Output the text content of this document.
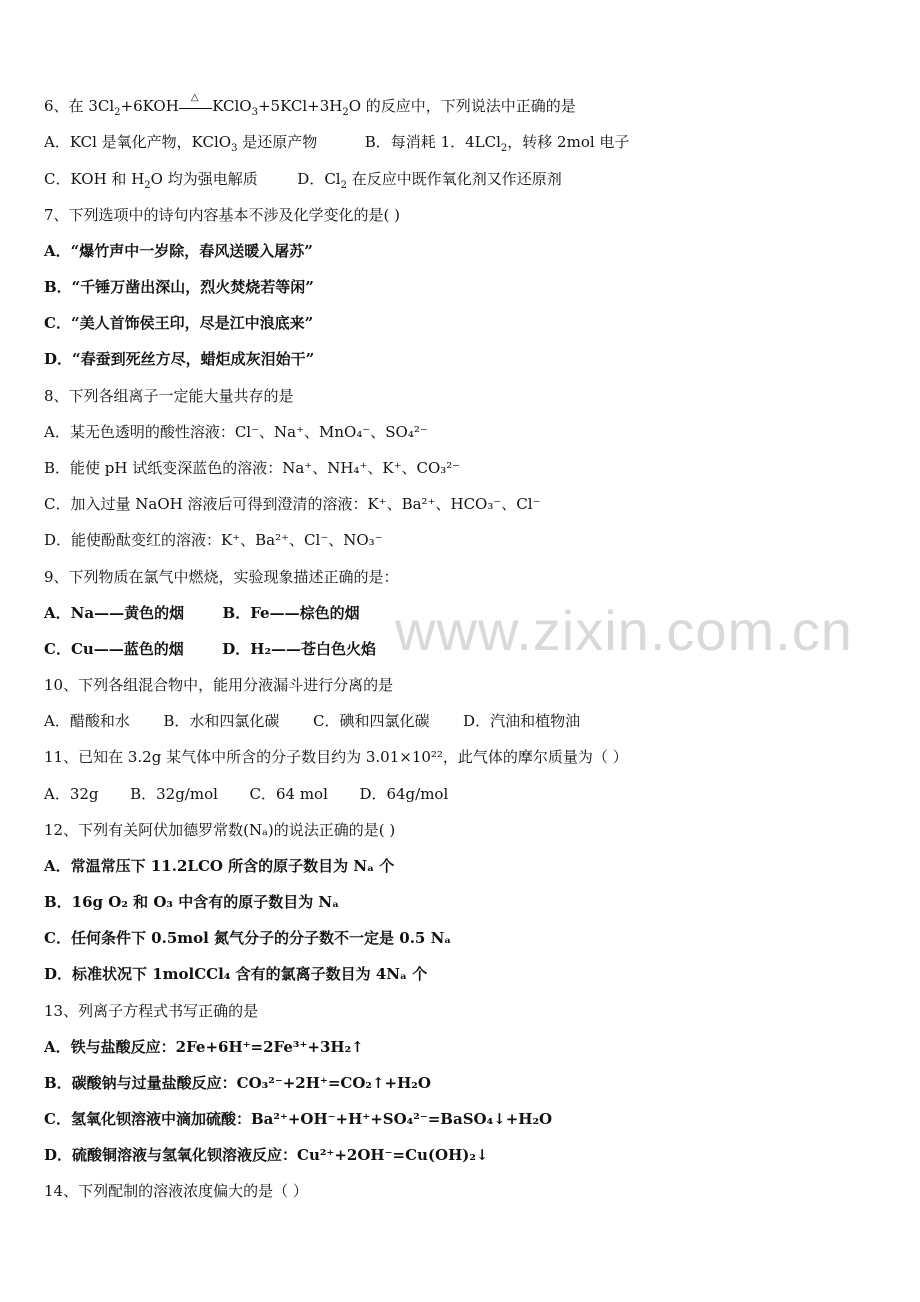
www.zixin.com.cn
6、在 $3Cl_2+6KOH$ △ $KClO_3+5KCl+3H_2O$ 的反应中，下列说法中正确的是
A．KCl 是氧化产物，KClO$_3$ 是还原产物	B．每消耗 1．4LCl$_2$，转移 2mol 电子
C．KOH 和 $H_2O$ 均为强电解质	D．$Cl_2$ 在反应中既作氧化剂又作还原剂
7、下列选项中的诗句内容基本不涉及化学变化的是( )
A．“爆竹声中一岁除，春风送暖入屠苏”
B．“千锤万凿出深山，烈火焚烧若等闲”
C．“美人首饰侯王印，尽是江中浪底来”
D．“春蚕到死丝方尽，蜡炬成灰泪始干”
8、下列各组离子一定能大量共存的是
A．某无色透明的酸性溶液：Cl⁻、Na⁺、MnO₄⁻、SO₄²⁻
B．能使 pH 试纸变深蓝色的溶液：Na⁺、NH₄⁺、K⁺、CO₃²⁻
C．加入过量 NaOH 溶液后可得到澄清的溶液：K⁺、Ba²⁺、HCO₃⁻、Cl⁻
D．能使酚酞变红的溶液：K⁺、Ba²⁺、Cl⁻、NO₃⁻
9、下列物质在氯气中燃烧，实验现象描述正确的是：
A．Na——黄色的烟	B．Fe——棕色的烟
C．Cu——蓝色的烟	D．H₂——苍白色火焰
10、下列各组混合物中，能用分液漏斗进行分离的是
A．醋酸和水 B．水和四氯化碳 C．碘和四氯化碳 D．汽油和植物油
11、已知在 3.2g 某气体中所含的分子数目约为 3.01×10²²，此气体的摩尔质量为（ ）
A．32g B．32g/mol C．64 mol D．64g/mol
12、下列有关阿伏加德罗常数(Nₐ)的说法正确的是( )
A．常温常压下 11.2LCO 所含的原子数目为 Nₐ 个
B．16g O₂ 和 O₃ 中含有的原子数目为 Nₐ
C．任何条件下 0.5mol 氮气分子的分子数不一定是 0.5 Nₐ
D．标准状况下 1molCCl₄ 含有的氯离子数目为 4Nₐ 个
13、列离子方程式书写正确的是
A．铁与盐酸反应：2Fe+6H⁺=2Fe³⁺+3H₂↑
B．碳酸钠与过量盐酸反应：CO₃²⁻+2H⁺=CO₂↑+H₂O
C．氢氧化钡溶液中滴加硫酸：Ba²⁺+OH⁻+H⁺+SO₄²⁻=BaSO₄↓+H₂O
D．硫酸铜溶液与氢氧化钡溶液反应：Cu²⁺+2OH⁻=Cu(OH)₂↓
14、下列配制的溶液浓度偏大的是（ ）
